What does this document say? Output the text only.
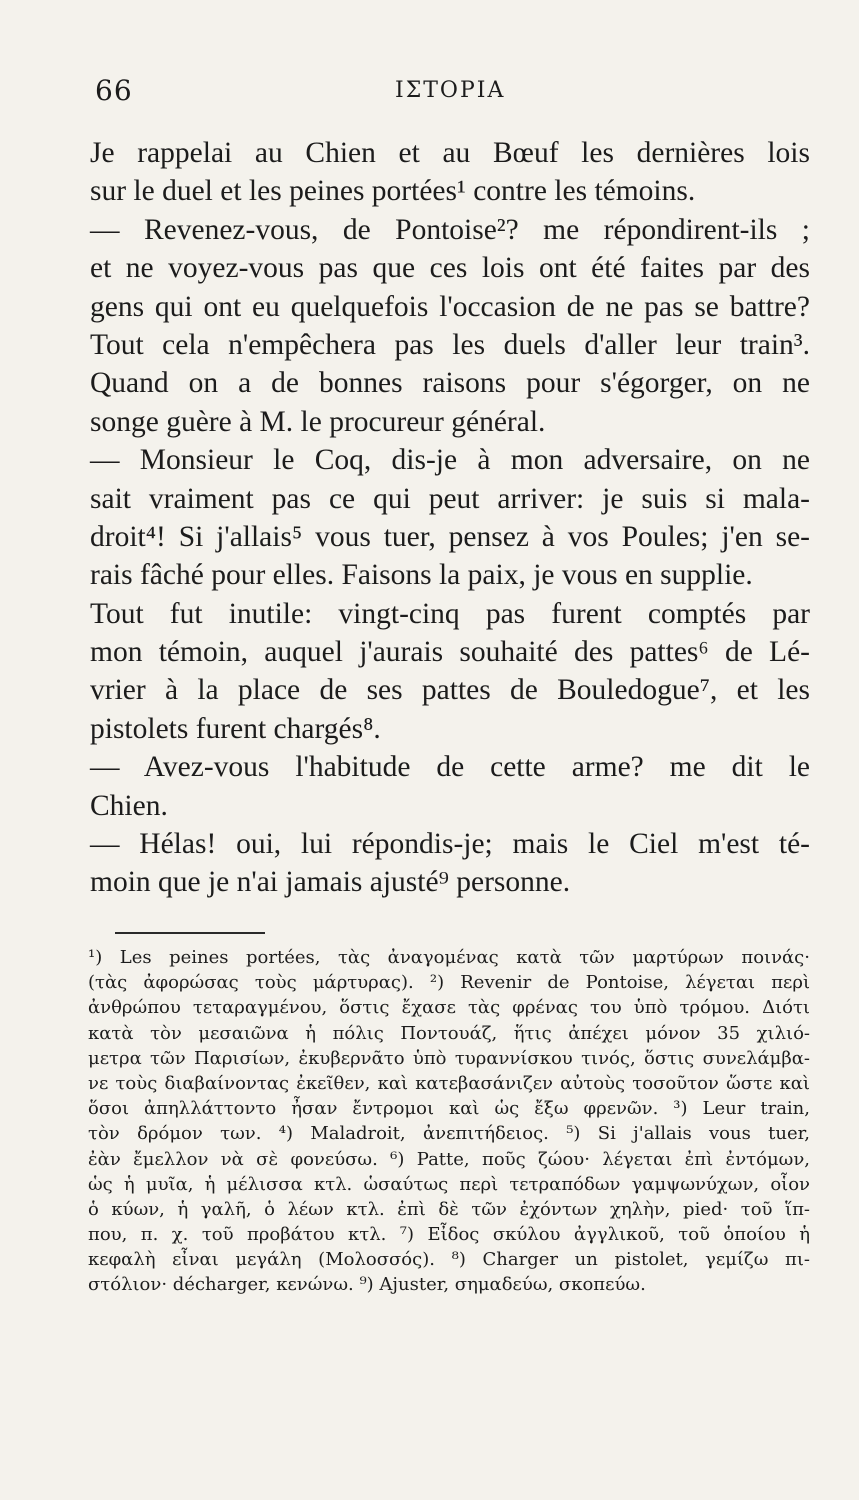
66	ΙΣΤΟΡΙΑ
Je rappelai au Chien et au Bœuf les dernières lois
sur le duel et les peines portées¹ contre les témoins.
— Revenez-vous, de Pontoise²? me répondirent-ils ;
et ne voyez-vous pas que ces lois ont été faites par des
gens qui ont eu quelquefois l'occasion de ne pas se battre?
Tout cela n'empêchera pas les duels d'aller leur train³.
Quand on a de bonnes raisons pour s'égorger, on ne
songe guère à M. le procureur général.
— Monsieur le Coq, dis-je à mon adversaire, on ne
sait vraiment pas ce qui peut arriver: je suis si mala-
droit⁴! Si j'allais⁵ vous tuer, pensez à vos Poules; j'en se-
rais fâché pour elles. Faisons la paix, je vous en supplie.
Tout fut inutile: vingt-cinq pas furent comptés par
mon témoin, auquel j'aurais souhaité des pattes⁶ de Lé-
vrier à la place de ses pattes de Bouledogue⁷, et les
pistolets furent chargés⁸.
— Avez-vous l'habitude de cette arme? me dit le
Chien.
— Hélas! oui, lui répondis-je; mais le Ciel m'est té-
moin que je n'ai jamais ajusté⁹ personne.
¹) Les peines portées, τὰς ἀναγομένας κατὰ τῶν μαρτύρων ποινάς·
(τὰς ἀφορώσας τοὺς μάρτυρας). ²) Revenir de Pontoise, λέγεται περὶ
ἀνθρώπου τεταραγμένου, ὅστις ἔχασε τὰς φρένας του ὑπὸ τρόμου. Διότι
κατὰ τὸν μεσαιῶνα ἡ πόλις Ποντουάζ, ἥτις ἀπέχει μόνον 35 χιλιό-
μετρα τῶν Παρισίων, ἐκυβερνᾶτο ὑπὸ τυραννίσκου τινός, ὅστις συνελάμβα-
νε τοὺς διαβαίνοντας ἐκεῖθεν, καὶ κατεβασάνιζεν αὐτοὺς τοσοῦτον ὥστε καὶ
ὅσοι ἀπηλλάττοντο ἦσαν ἔντρομοι καὶ ὡς ἔξω φρενῶν. ³) Leur train,
τὸν δρόμον των. ⁴) Maladroit, ἀνεπιτήδειος. ⁵) Si j'allais vous tuer,
ἐὰν ἔμελλον νὰ σὲ φονεύσω. ⁶) Patte, ποῦς ζώου· λέγεται ἐπὶ ἐντόμων,
ὡς ἡ μυῖα, ἡ μέλισσα κτλ. ὡσαύτως περὶ τετραπόδων γαμψωνύχων, οἷον
ὁ κύων, ἡ γαλῆ, ὁ λέων κτλ. ἐπὶ δὲ τῶν ἐχόντων χηλὴν, pied· τοῦ ἵπ-
που, π. χ. τοῦ προβάτου κτλ. ⁷) Εἶδος σκύλου ἀγγλικοῦ, τοῦ ὁποίου ἡ
κεφαλὴ εἶναι μεγάλη (Μολοσσός). ⁸) Charger un pistolet, γεμίζω πι-
στόλιον· décharger, κενώνω. ⁹) Ajuster, σημαδεύω, σκοπεύω.
